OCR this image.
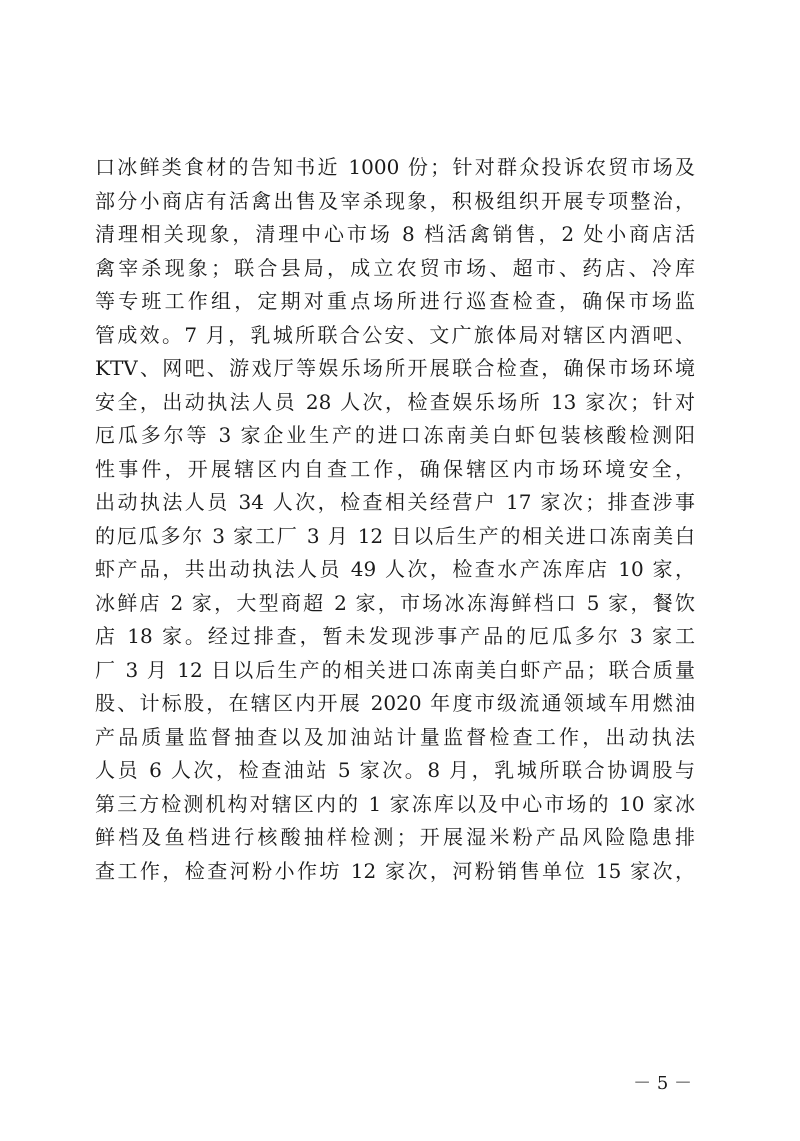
口冰鲜类食材的告知书近 1000 份；针对群众投诉农贸市场及
部分小商店有活禽出售及宰杀现象，积极组织开展专项整治，
清理相关现象，清理中心市场 8 档活禽销售，2 处小商店活
禽宰杀现象；联合县局，成立农贸市场、超市、药店、冷库
等专班工作组，定期对重点场所进行巡查检查，确保市场监
管成效。7 月，乳城所联合公安、文广旅体局对辖区内酒吧、
KTV、网吧、游戏厅等娱乐场所开展联合检查，确保市场环境
安全，出动执法人员 28 人次，检查娱乐场所 13 家次；针对
厄瓜多尔等 3 家企业生产的进口冻南美白虾包装核酸检测阳
性事件，开展辖区内自查工作，确保辖区内市场环境安全，
出动执法人员 34 人次，检查相关经营户 17 家次；排查涉事
的厄瓜多尔 3 家工厂 3 月 12 日以后生产的相关进口冻南美白
虾产品，共出动执法人员 49 人次，检查水产冻库店 10 家，
冰鲜店 2 家，大型商超 2 家，市场冰冻海鲜档口 5 家，餐饮
店 18 家。经过排查，暂未发现涉事产品的厄瓜多尔 3 家工
厂 3 月 12 日以后生产的相关进口冻南美白虾产品；联合质量
股、计标股，在辖区内开展 2020 年度市级流通领域车用燃油
产品质量监督抽查以及加油站计量监督检查工作，出动执法
人员 6 人次，检查油站 5 家次。8 月，乳城所联合协调股与
第三方检测机构对辖区内的 1 家冻库以及中心市场的 10 家冰
鲜档及鱼档进行核酸抽样检测；开展湿米粉产品风险隐患排
查工作，检查河粉小作坊 12 家次，河粉销售单位 15 家次，
－ 5 －
